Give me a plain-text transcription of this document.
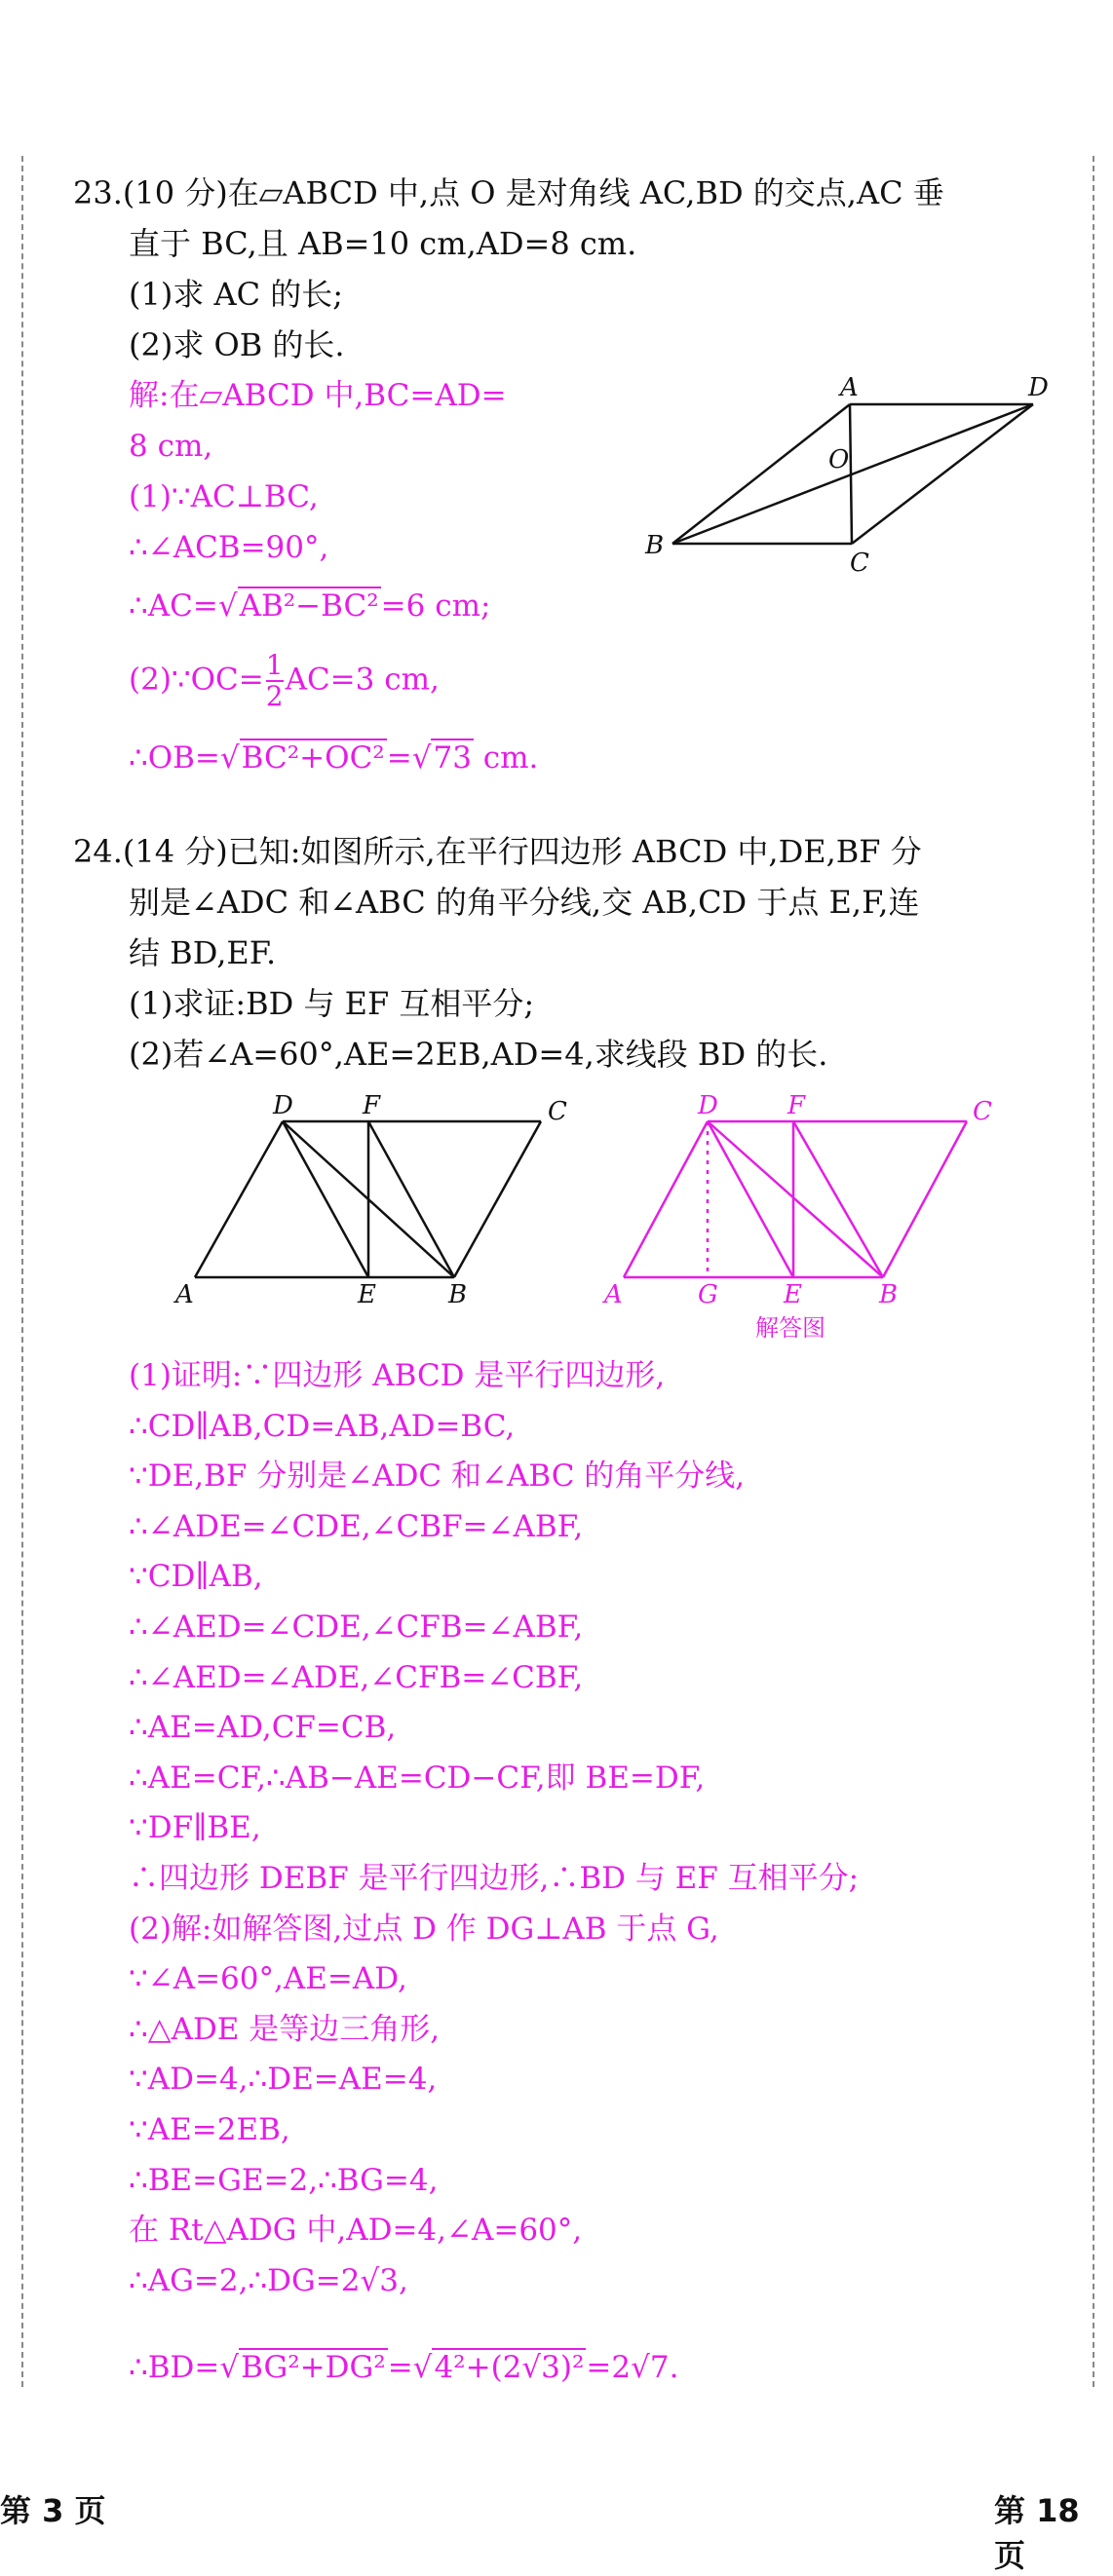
23.(10 分)在▱ABCD 中,点 O 是对角线 AC,BD 的交点,AC 垂
直于 BC,且 AB=10 cm,AD=8 cm.
(1)求 AC 的长;
(2)求 OB 的长.
解:在▱ABCD 中,BC=AD=
8 cm,
(1)∵AC⊥BC,
∴∠ACB=90°,
∴AC=√AB²−BC²=6 cm;
(2)∵OC= $\frac{1}{2} AC=3$ cm,
∴OB=√BC²+OC²=√73 cm.
A	D
O
B
C
24.(14 分)已知:如图所示,在平行四边形 ABCD 中,DE,BF 分
别是∠ADC 和∠ABC 的角平分线,交 AB,CD 于点 E,F,连
结 BD,EF.
(1)求证:BD 与 EF 互相平分;
(2)若∠A=60°,AE=2EB,AD=4,求线段 BD 的长.
D	F	C
A	E	B
D	F	C
A	G	E	B
解答图
(1)证明:∵四边形 ABCD 是平行四边形,
∴CD∥AB,CD=AB,AD=BC,
∵DE,BF 分别是∠ADC 和∠ABC 的角平分线,
∴∠ADE=∠CDE,∠CBF=∠ABF,
∵CD∥AB,
∴∠AED=∠CDE,∠CFB=∠ABF,
∴∠AED=∠ADE,∠CFB=∠CBF,
∴AE=AD,CF=CB,
∴AE=CF,∴AB−AE=CD−CF,即 BE=DF,
∵DF∥BE,
∴四边形 DEBF 是平行四边形,∴BD 与 EF 互相平分;
(2)解:如解答图,过点 D 作 DG⊥AB 于点 G,
∵∠A=60°,AE=AD,
∴△ADE 是等边三角形,
∵AD=4,∴DE=AE=4,
∵AE=2EB,
∴BE=GE=2,∴BG=4,
在 Rt△ADG 中,AD=4,∠A=60°,
∴AG=2,∴DG=2√3,
∴BD=√BG²+DG²=√4²+(2√3)²=2√7.
第 3 页	第 18 页
